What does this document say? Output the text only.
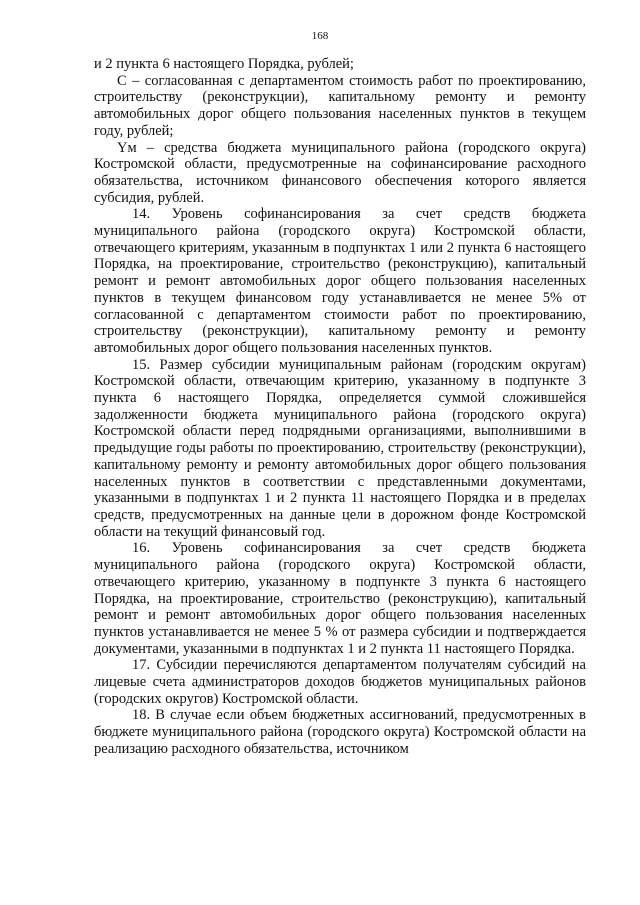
168

и 2 пункта 6 настоящего Порядка, рублей;

С – согласованная с департаментом стоимость работ по проектированию, строительству (реконструкции), капитальному ремонту и ремонту автомобильных дорог общего пользования населенных пунктов в текущем году, рублей;

Yм – средства бюджета муниципального района (городского округа) Костромской области, предусмотренные на софинансирование расходного обязательства, источником финансового обеспечения которого является субсидия, рублей.

14. Уровень софинансирования за счет средств бюджета муниципального района (городского округа) Костромской области, отвечающего критериям, указанным в подпунктах 1 или 2 пункта 6 настоящего Порядка, на проектирование, строительство (реконструкцию), капитальный ремонт и ремонт автомобильных дорог общего пользования населенных пунктов в текущем финансовом году устанавливается не менее 5% от согласованной с департаментом стоимости работ по проектированию, строительству (реконструкции), капитальному ремонту и ремонту автомобильных дорог общего пользования населенных пунктов.

15. Размер субсидии муниципальным районам (городским округам) Костромской области, отвечающим критерию, указанному в подпункте 3 пункта 6 настоящего Порядка, определяется суммой сложившейся задолженности бюджета муниципального района (городского округа) Костромской области перед подрядными организациями, выполнившими в предыдущие годы работы по проектированию, строительству (реконструкции), капитальному ремонту и ремонту автомобильных дорог общего пользования населенных пунктов в соответствии с представленными документами, указанными в подпунктах 1 и 2 пункта 11 настоящего Порядка и в пределах средств, предусмотренных на данные цели в дорожном фонде Костромской области на текущий финансовый год.

16. Уровень софинансирования за счет средств бюджета муниципального района (городского округа) Костромской области, отвечающего критерию, указанному в подпункте 3 пункта 6 настоящего Порядка, на проектирование, строительство (реконструкцию), капитальный ремонт и ремонт автомобильных дорог общего пользования населенных пунктов устанавливается не менее 5 % от размера субсидии и подтверждается документами, указанными в подпунктах 1 и 2 пункта 11 настоящего Порядка.

17. Субсидии перечисляются департаментом получателям субсидий на лицевые счета администраторов доходов бюджетов муниципальных районов (городских округов) Костромской области.

18. В случае если объем бюджетных ассигнований, предусмотренных в бюджете муниципального района (городского округа) Костромской области на реализацию расходного обязательства, источником
